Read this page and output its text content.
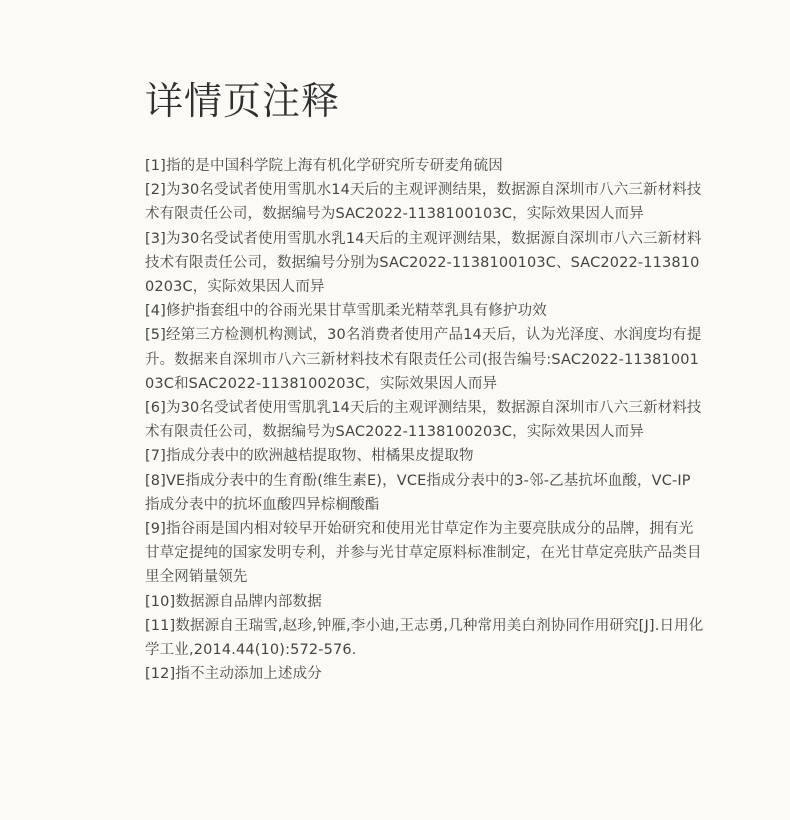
详情页注释
[1]指的是中国科学院上海有机化学研究所专研麦角硫因
[2]为30名受试者使用雪肌水14天后的主观评测结果，数据源自深圳市八六三新材料技术有限责任公司，数据编号为SAC2022-1138100103C，实际效果因人而异
[3]为30名受试者使用雪肌水乳14天后的主观评测结果，数据源自深圳市八六三新材料技术有限责任公司，数据编号分别为SAC2022-1138100103C、SAC2022-1138100203C，实际效果因人而异
[4]修护指套组中的谷雨光果甘草雪肌柔光精萃乳具有修护功效
[5]经第三方检测机构测试，30名消费者使用产品14天后，认为光泽度、水润度均有提升。数据来自深圳市八六三新材料技术有限责任公司(报告编号:SAC2022-1138100103C和SAC2022-1138100203C，实际效果因人而异
[6]为30名受试者使用雪肌乳14天后的主观评测结果，数据源自深圳市八六三新材料技术有限责任公司，数据编号为SAC2022-1138100203C，实际效果因人而异
[7]指成分表中的欧洲越桔提取物、柑橘果皮提取物
[8]VE指成分表中的生育酚(维生素E)，VCE指成分表中的3-邻-乙基抗坏血酸，VC-IP指成分表中的抗坏血酸四异棕榈酸酯
[9]指谷雨是国内相对较早开始研究和使用光甘草定作为主要亮肤成分的品牌，拥有光甘草定提纯的国家发明专利，并参与光甘草定原料标准制定，在光甘草定亮肤产品类目里全网销量领先
[10]数据源自品牌内部数据
[11]数据源自王瑞雪,赵珍,钟雁,李小迪,王志勇,几种常用美白剂协同作用研究[J].日用化学工业,2014.44(10):572-576.
[12]指不主动添加上述成分
